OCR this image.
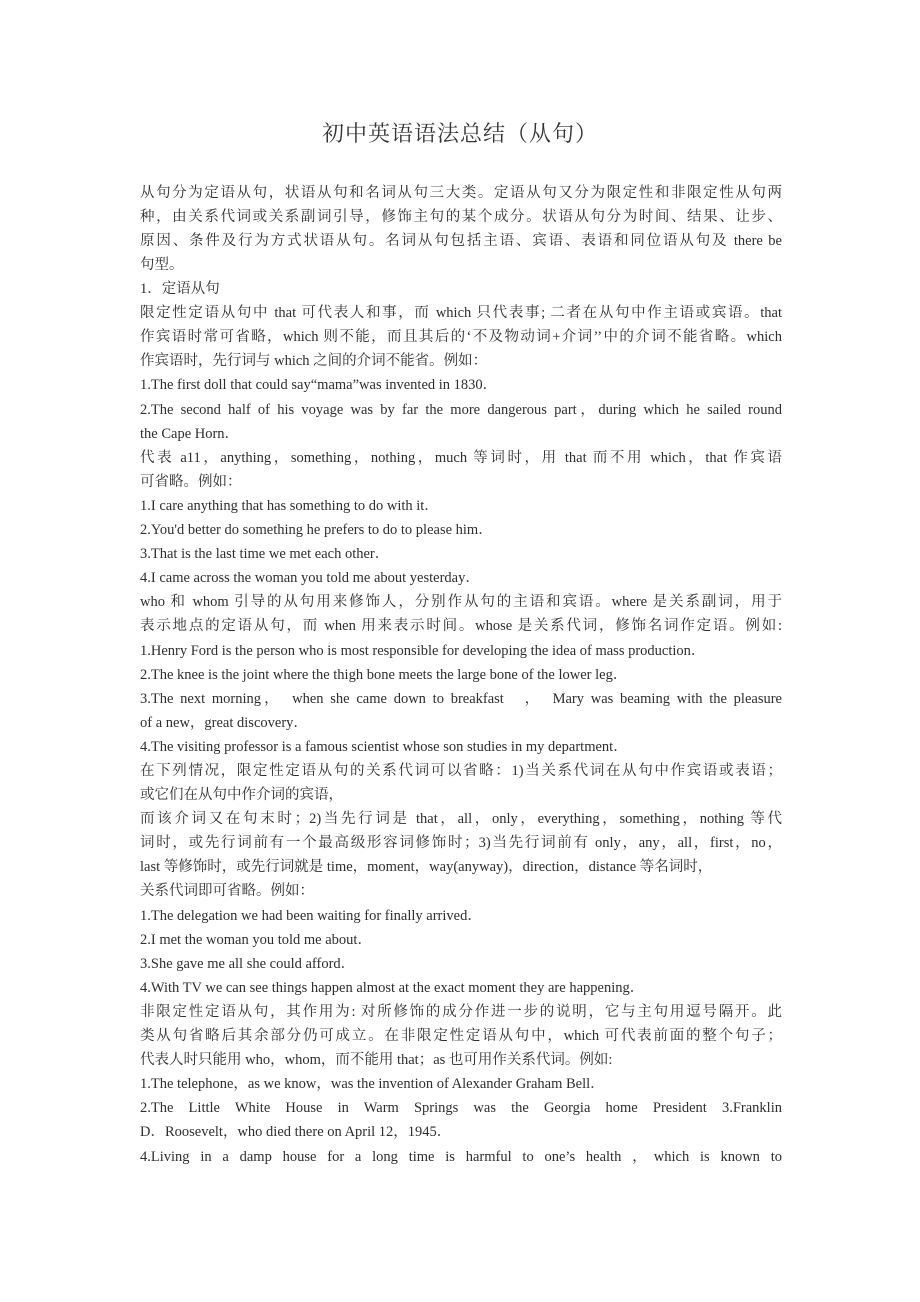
初中英语语法总结（从句）
从句分为定语从句，状语从句和名词从句三大类。定语从句又分为限定性和非限定性从句两
种，由关系代词或关系副词引导，修饰主句的某个成分。状语从句分为时间、结果、让步、
原因、条件及行为方式状语从句。名词从句包括主语、宾语、表语和同位语从句及 there be
句型。
1．定语从句
限定性定语从句中 that 可代表人和事，而 which 只代表事; 二者在从句中作主语或宾语。that
作宾语时常可省略，which 则不能，而且其后的‘不及物动词+介词’’中的介词不能省略。which
作宾语时，先行词与 which 之间的介词不能省。例如：
1.The first doll that could say“mama”was invented in 1830．
2.The second half of his voyage was by far the more dangerous part，during which he sailed round
the Cape Horn．
代表 a11，anything，something，nothing，much 等词时，用 that 而不用 which，that 作宾语
可省略。例如：
1.I care anything that has something to do with it．
2.You'd better do something he prefers to do to please him．
3.That is the last time we met each other．
4.I came across the woman you told me about yesterday．
who 和 whom 引导的从句用来修饰人，分别作从句的主语和宾语。where 是关系副词，用于
表示地点的定语从句，而 when 用来表示时间。whose 是关系代词，修饰名词作定语。例如:
1.Henry Ford is the person who is most responsible for developing the idea of mass production．
2.The knee is the joint where the thigh bone meets the large bone of the lower leg．
3.The next morning，　when she came down to breakfast　，　Mary was beaming with the pleasure
of a new，great discovery．
4.The visiting professor is a famous scientist whose son studies in my department．
在下列情况，限定性定语从句的关系代词可以省略：1)当关系代词在从句中作宾语或表语；
或它们在从句中作介词的宾语，
而该介词又在句末时；2)当先行词是 that，all，only，everything，something，nothing 等代
词时，或先行词前有一个最高级形容词修饰时；3)当先行词前有 only，any，all，first，no，
last 等修饰时，或先行词就是 time，moment，way(anyway)，direction，distance 等名词时，
关系代词即可省略。例如：
1.The delegation we had been waiting for finally arrived．
2.I met the woman you told me about．
3.She gave me all she could afford．
4.With TV we can see things happen almost at the exact moment they are happening．
非限定性定语从句，其作用为: 对所修饰的成分作进一步的说明，它与主句用逗号隔开。此
类从句省略后其余部分仍可成立。在非限定性定语从句中，which 可代表前面的整个句子；
代表人时只能用 who，whom，而不能用 that；as 也可用作关系代词。例如:
1.The telephone，as we know，was the invention of Alexander Graham Bell．
2.The Little White House in Warm Springs was the Georgia home President 3.Franklin
D．Roosevelt，who died there on April 12，1945．
4.Living in a damp house for a long time is harmful to one’s health ，which is known to
